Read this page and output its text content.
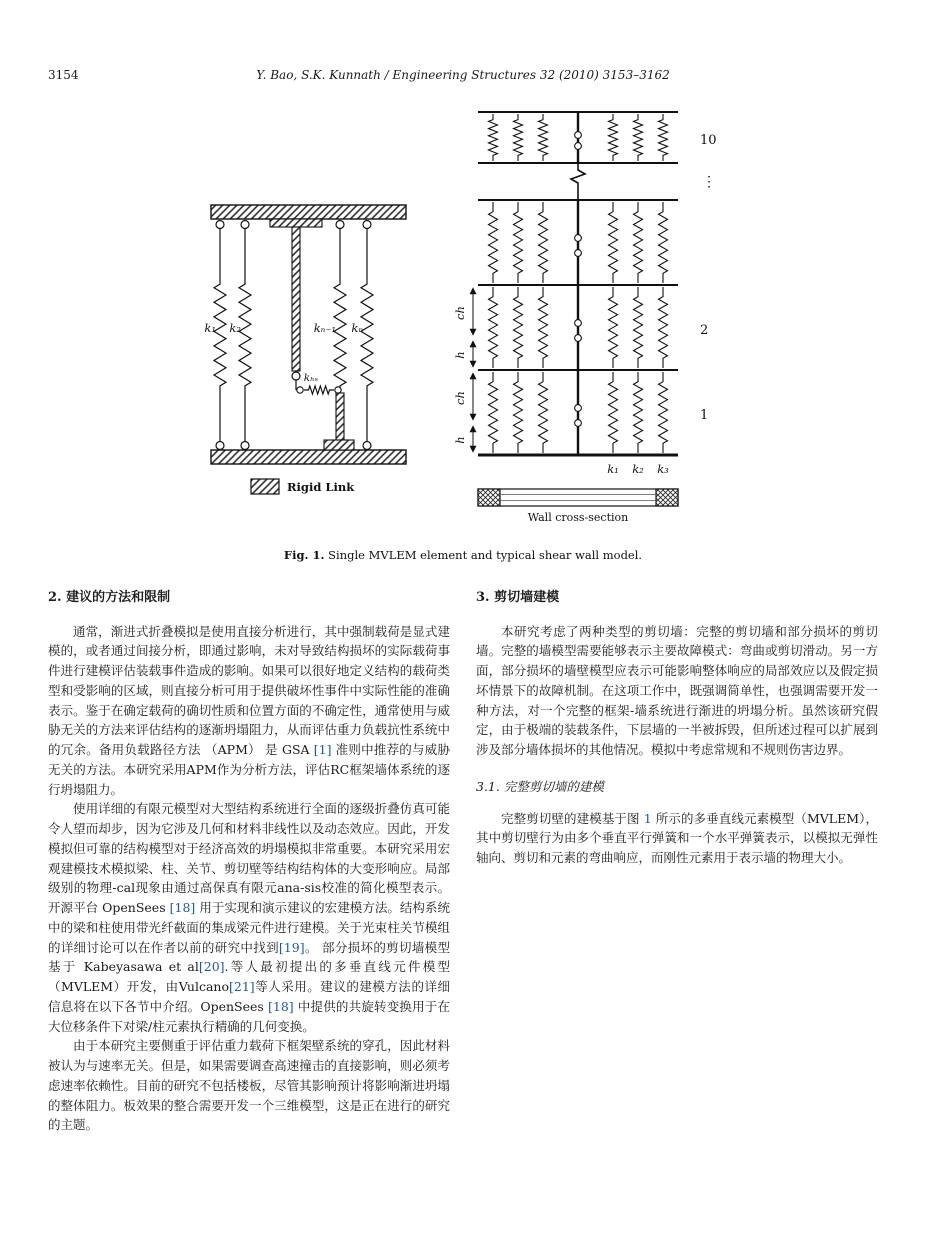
3154	Y. Bao, S.K. Kunnath / Engineering Structures 32 (2010) 3153–3162
k₁ k₂	kₙ₋₁ kₙ
kₕₛ
Rigid Link
ch
h
ch
h
10
⋮
2
1
k₁ k₂ k₃
Wall cross-section
Fig. 1. Single MVLEM element and typical shear wall model.
2. 建议的方法和限制

通常，渐进式折叠模拟是使用直接分析进行，其中强制载荷是显式建模的，或者通过间接分析，即通过影响，未对导致结构损坏的实际载荷事件进行建模评估装载事件造成的影响。如果可以很好地定义结构的载荷类型和受影响的区域，则直接分析可用于提供破坏性事件中实际性能的准确表示。鉴于在确定载荷的确切性质和位置方面的不确定性，通常使用与威胁无关的方法来评估结构的逐渐坍塌阻力，从而评估重力负载抗性系统中的冗余。备用负载路径方法 （APM） 是 GSA [1] 准则中推荐的与威胁无关的方法。本研究采用APM作为分析方法，评估RC框架墙体系统的逐行坍塌阻力。

使用详细的有限元模型对大型结构系统进行全面的逐级折叠仿真可能令人望而却步，因为它涉及几何和材料非线性以及动态效应。因此，开发模拟但可靠的结构模型对于经济高效的坍塌模拟非常重要。本研究采用宏观建模技术模拟梁、柱、关节、剪切壁等结构结构体的大变形响应。局部级别的物理-cal现象由通过高保真有限元ana-sis校准的简化模型表示。开源平台 OpenSees [18] 用于实现和演示建议的宏建模方法。结构系统中的梁和柱使用带光纤截面的集成梁元件进行建模。关于光束柱关节模组的详细讨论可以在作者以前的研究中找到[19]。 部分损坏的剪切墙模型基于 Kabeyasawa et al[20].等人最初提出的多垂直线元件模型（MVLEM）开发，由Vulcano[21]等人采用。建议的建模方法的详细信息将在以下各节中介绍。OpenSees [18] 中提供的共旋转变换用于在大位移条件下对梁/柱元素执行精确的几何变换。

由于本研究主要侧重于评估重力载荷下框架壁系统的穿孔，因此材料被认为与速率无关。但是，如果需要调查高速撞击的直接影响，则必须考虑速率依赖性。目前的研究不包括楼板，尽管其影响预计将影响渐进坍塌的整体阻力。板效果的整合需要开发一个三维模型，这是正在进行的研究的主题。

3. 剪切墙建模

本研究考虑了两种类型的剪切墙：完整的剪切墙和部分损坏的剪切墙。完整的墙模型需要能够表示主要故障模式：弯曲或剪切滑动。另一方面，部分损坏的墙壁模型应表示可能影响整体响应的局部效应以及假定损坏情景下的故障机制。在这项工作中，既强调简单性，也强调需要开发一种方法，对一个完整的框架-墙系统进行渐进的坍塌分析。虽然该研究假定，由于极端的装载条件，下层墙的一半被拆毁，但所述过程可以扩展到涉及部分墙体损坏的其他情况。模拟中考虑常规和不规则伤害边界。

3.1. 完整剪切墙的建模

完整剪切壁的建模基于图 1 所示的多垂直线元素模型（MVLEM），其中剪切壁行为由多个垂直平行弹簧和一个水平弹簧表示，以模拟无弹性轴向、剪切和元素的弯曲响应，而刚性元素用于表示墙的物理大小。
